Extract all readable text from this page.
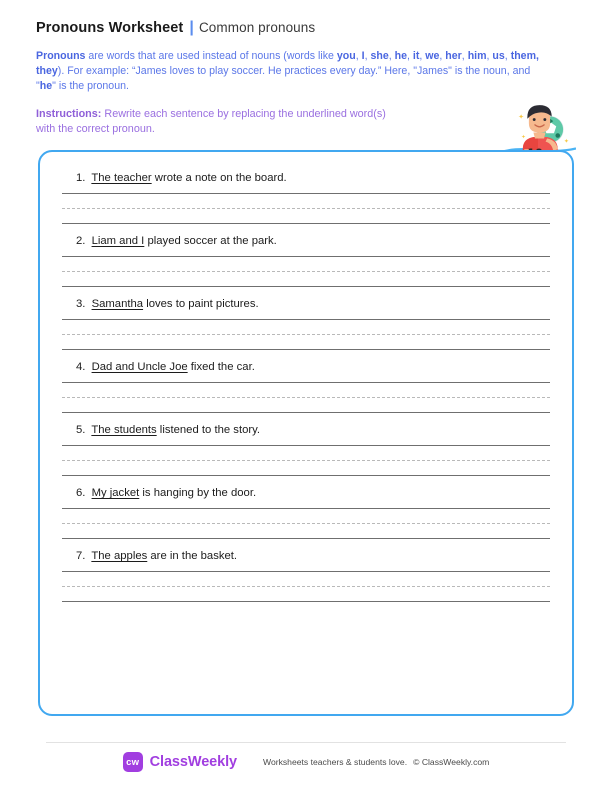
Pronouns Worksheet | Common pronouns
Pronouns are words that are used instead of nouns (words like you, I, she, he, it, we, her, him, us, them, they). For example: “James loves to play soccer. He practices every day.” Here, "James" is the noun, and "he" is the pronoun.
Instructions: Rewrite each sentence by replacing the underlined word(s) with the correct pronoun.
✦
✦
✦
1. The teacher wrote a note on the board.
2. Liam and I played soccer at the park.
3. Samantha loves to paint pictures.
4. Dad and Uncle Joe fixed the car.
5. The students listened to the story.
6. My jacket is hanging by the door.
7. The apples are in the basket.
cw ClassWeekly	Worksheets teachers & students love. © ClassWeekly.com
